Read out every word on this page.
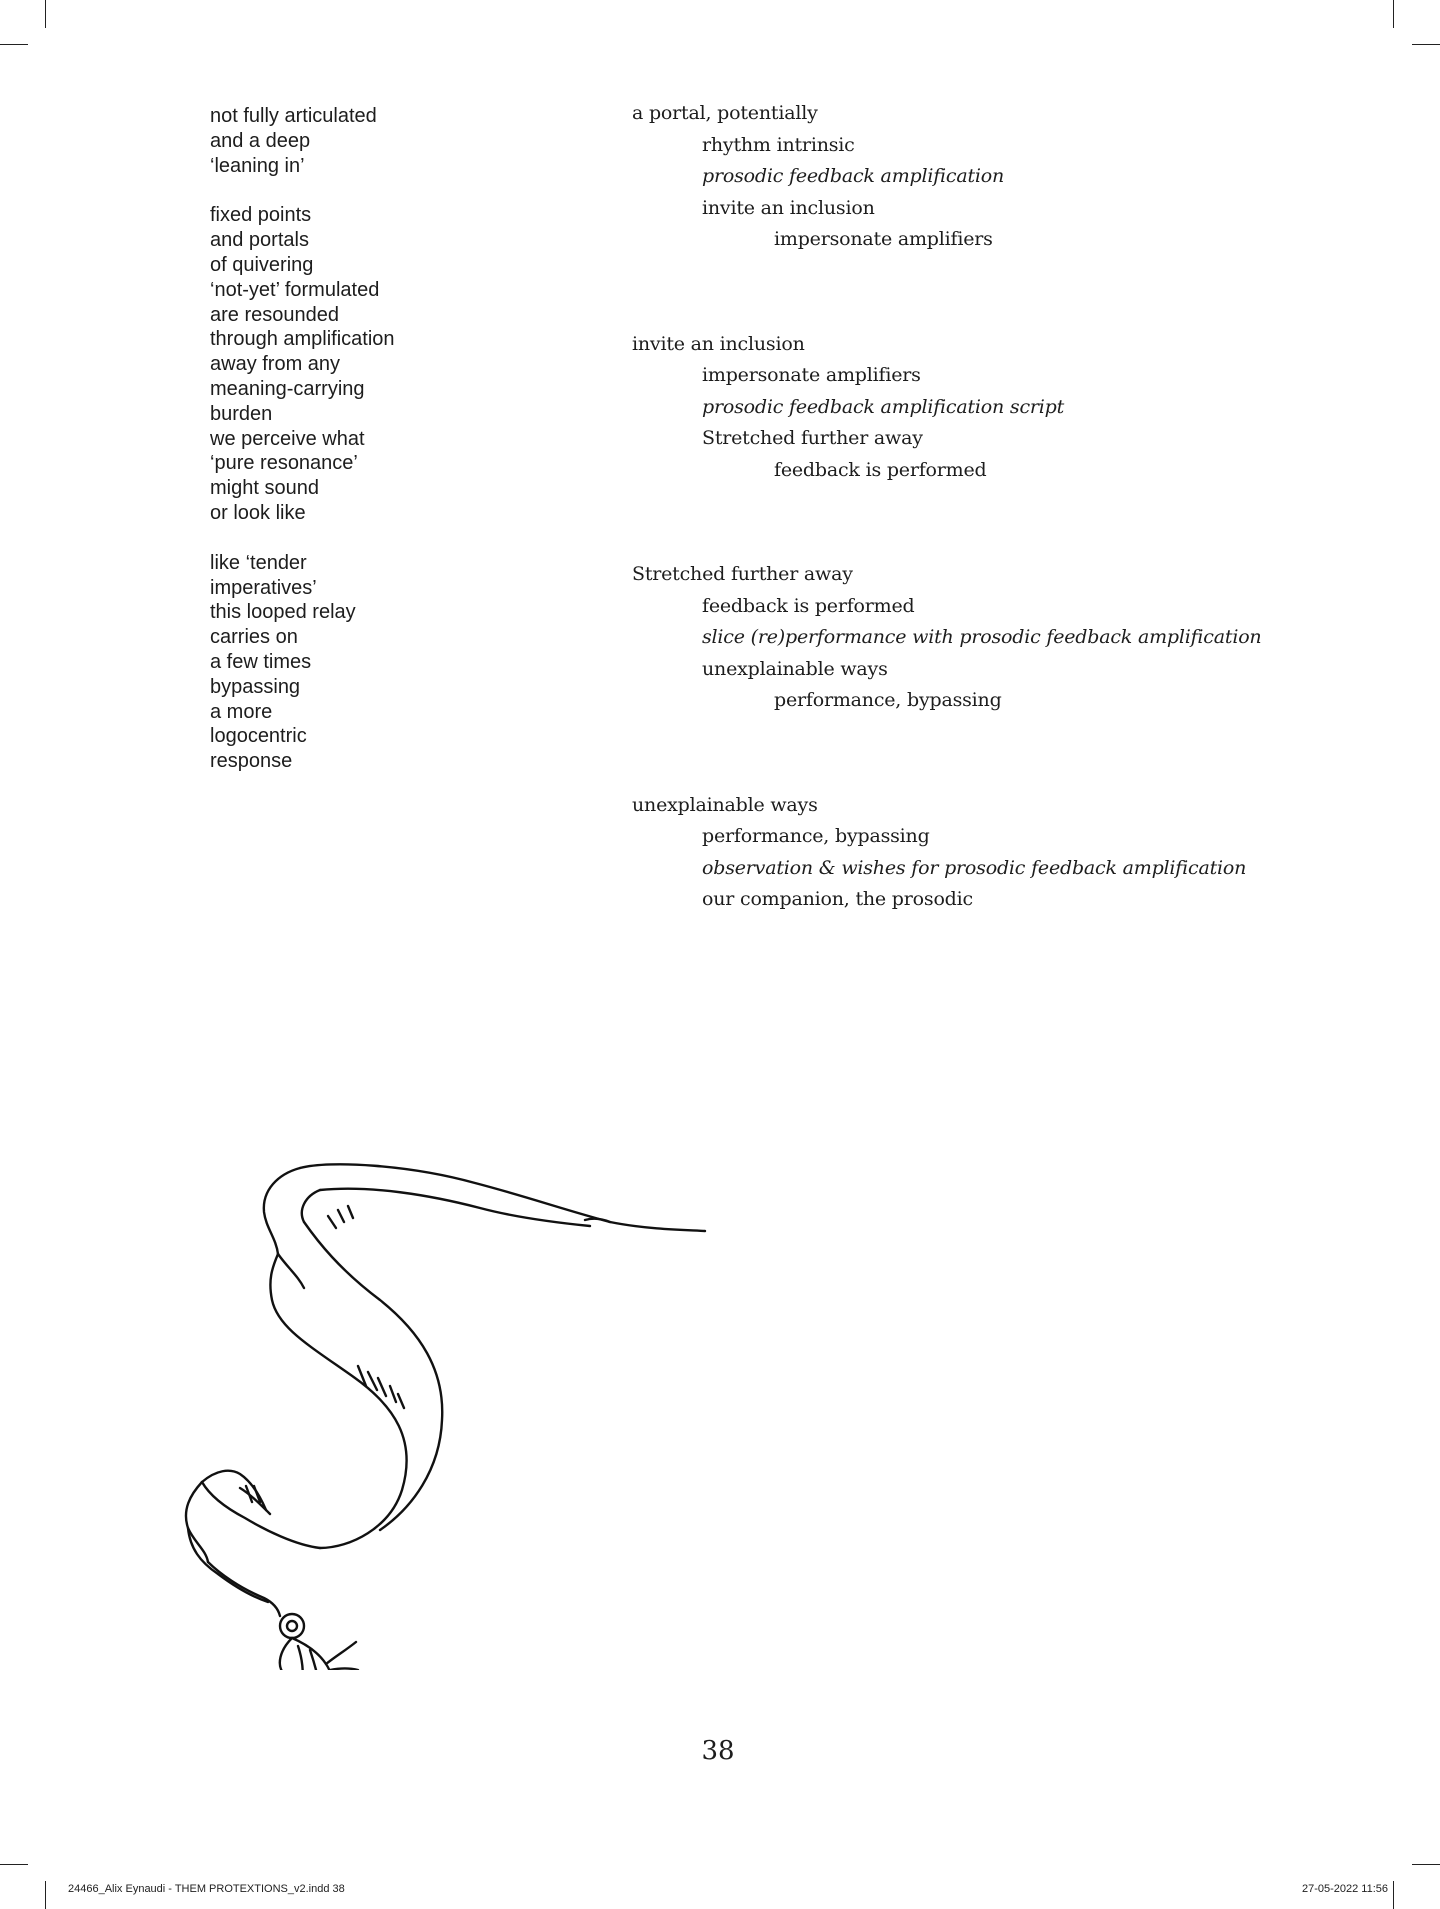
not fully articulated
and a deep
‘leaning in’
fixed points
and portals
of quivering
‘not-yet’ formulated
are resounded
through amplification
away from any
meaning-carrying
burden
we perceive what
‘pure resonance’
might sound
or look like
like ‘tender
imperatives’
this looped relay
carries on
a few times
bypassing
a more
logocentric
response
a portal, potentially
rhythm intrinsic
prosodic feedback amplification
invite an inclusion
impersonate amplifiers
invite an inclusion
impersonate amplifiers
prosodic feedback amplification script
Stretched further away
feedback is performed
Stretched further away
feedback is performed
slice (re)performance with prosodic feedback amplification
unexplainable ways
performance, bypassing
unexplainable ways
performance, bypassing
observation & wishes for prosodic feedback amplification
our companion, the prosodic
38
24466_Alix Eynaudi - THEM PROTEXTIONS_v2.indd 38	27-05-2022 11:56
